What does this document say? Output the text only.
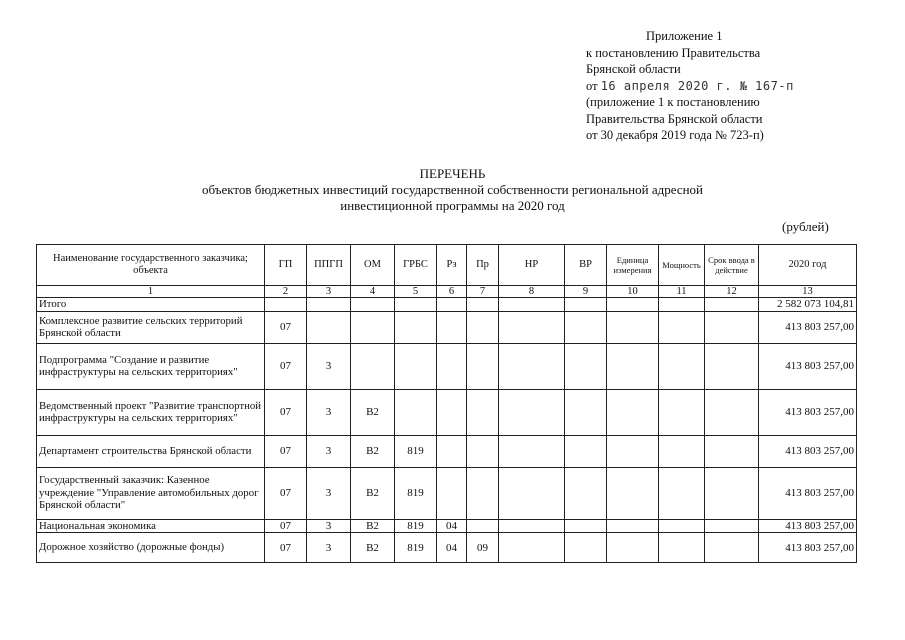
Приложение 1
к постановлению Правительства
Брянской области
от 16 апреля 2020 г. № 167-п
(приложение 1 к постановлению
Правительства Брянской области
от 30 декабря 2019 года № 723-п)
ПЕРЕЧЕНЬ
объектов бюджетных инвестиций государственной собственности региональной адресной
инвестиционной программы на 2020 год
(рублей)
Наименование государственного заказчика; объекта	ГП	ППГП	ОМ	ГРБС	Рз	Пр	НР	ВР	Единица измерения	Мощность	Срок ввода в действие	2020 год
1	2	3	4	5	6	7	8	9	10	11	12	13
Итого												2 582 073 104,81
Комплексное развитие сельских территорий Брянской области	07											413 803 257,00
Подпрограмма "Создание и развитие инфраструктуры на сельских территориях"	07	3										413 803 257,00
Ведомственный проект "Развитие транспортной инфраструктуры на сельских территориях"	07	3	B2									413 803 257,00
Департамент строительства Брянской области	07	3	B2	819								413 803 257,00
Государственный заказчик: Казенное учреждение "Управление автомобильных дорог Брянской области"	07	3	B2	819								413 803 257,00
Национальная экономика	07	3	B2	819	04							413 803 257,00
Дорожное хозяйство (дорожные фонды)	07	3	B2	819	04	09						413 803 257,00
